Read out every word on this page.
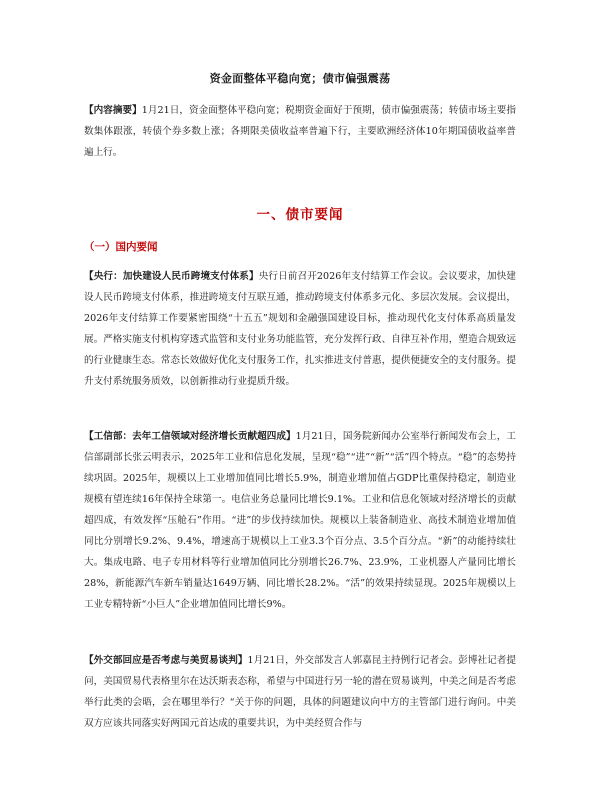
资金面整体平稳向宽；债市偏强震荡

【内容摘要】1月21日，资金面整体平稳向宽；税期资金面好于预期，债市偏强震荡；转债市场主要指数集体跟涨，转债个券多数上涨；各期限美债收益率普遍下行，主要欧洲经济体10年期国债收益率普遍上行。

一、债市要闻
（一）国内要闻

【央行：加快建设人民币跨境支付体系】央行日前召开2026年支付结算工作会议。会议要求，加快建设人民币跨境支付体系，推进跨境支付互联互通，推动跨境支付体系多元化、多层次发展。会议提出，2026年支付结算工作要紧密围绕“十五五”规划和金融强国建设目标，推动现代化支付体系高质量发展。严格实施支付机构穿透式监管和支付业务功能监管，充分发挥行政、自律互补作用，塑造合规致远的行业健康生态。常态长效做好优化支付服务工作，扎实推进支付普惠，提供便捷安全的支付服务。提升支付系统服务质效，以创新推动行业提质升级。

【工信部：去年工信领域对经济增长贡献超四成】1月21日，国务院新闻办公室举行新闻发布会上，工信部副部长张云明表示，2025年工业和信息化发展，呈现“稳”“进”“新”“活”四个特点。“稳”的态势持续巩固。2025年，规模以上工业增加值同比增长5.9%，制造业增加值占GDP比重保持稳定，制造业规模有望连续16年保持全球第一。电信业务总量同比增长9.1%。工业和信息化领域对经济增长的贡献超四成，有效发挥“压舱石”作用。“进”的步伐持续加快。规模以上装备制造业、高技术制造业增加值同比分别增长9.2%、9.4%，增速高于规模以上工业3.3个百分点、3.5个百分点。“新”的动能持续壮大。集成电路、电子专用材料等行业增加值同比分别增长26.7%、23.9%，工业机器人产量同比增长28%，新能源汽车新车销量达1649万辆、同比增长28.2%。“活”的效果持续显现。2025年规模以上工业专精特新“小巨人”企业增加值同比增长9%。

【外交部回应是否考虑与美贸易谈判】1月21日，外交部发言人郭嘉昆主持例行记者会。彭博社记者提问，美国贸易代表格里尔在达沃斯表态称，希望与中国进行另一轮的潜在贸易谈判，中美之间是否考虑举行此类的会晤，会在哪里举行？“关于你的问题，具体的问题建议向中方的主管部门进行询问。中美双方应该共同落实好两国元首达成的重要共识，为中美经贸合作与
